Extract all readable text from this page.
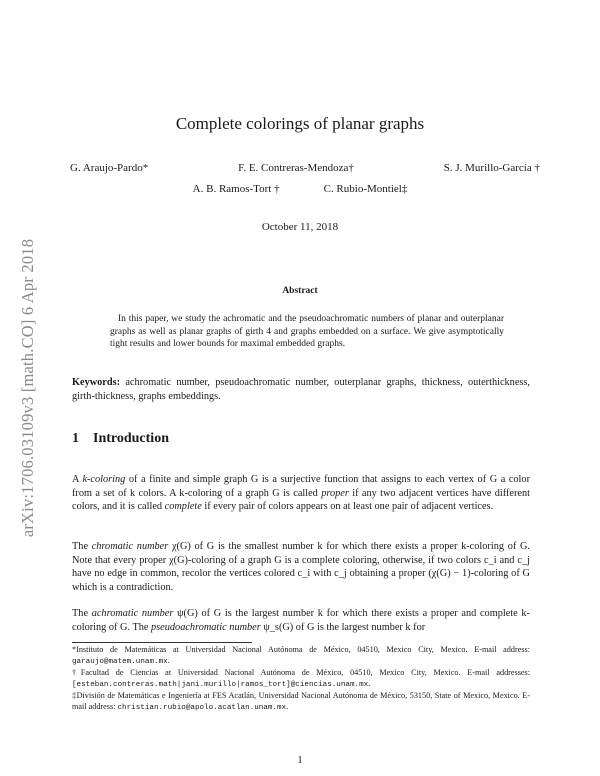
arXiv:1706.03109v3 [math.CO] 6 Apr 2018
Complete colorings of planar graphs
G. Araujo-Pardo*	F. E. Contreras-Mendoza†	S. J. Murillo-García †
A. B. Ramos-Tort †	C. Rubio-Montiel‡
October 11, 2018
Abstract

In this paper, we study the achromatic and the pseudoachromatic numbers of planar and outerplanar graphs as well as planar graphs of girth 4 and graphs embedded on a surface. We give asymptotically tight results and lower bounds for maximal embedded graphs.

Keywords: achromatic number, pseudoachromatic number, outerplanar graphs, thickness, outerthickness, girth-thickness, graphs embeddings.

1 Introduction

A k-coloring of a finite and simple graph G is a surjective function that assigns to each vertex of G a color from a set of k colors. A k-coloring of a graph G is called proper if any two adjacent vertices have different colors, and it is called complete if every pair of colors appears on at least one pair of adjacent vertices.

The chromatic number χ(G) of G is the smallest number k for which there exists a proper k-coloring of G. Note that every proper χ(G)-coloring of a graph G is a complete coloring, otherwise, if two colors c_i and c_j have no edge in common, recolor the vertices colored c_i with c_j obtaining a proper (χ(G) − 1)-coloring of G which is a contradiction.

The achromatic number ψ(G) of G is the largest number k for which there exists a proper and complete k-coloring of G. The pseudoachromatic number ψ_s(G) of G is the largest number k for

*Instituto de Matemáticas at Universidad Nacional Autónoma de México, 04510, Mexico City, Mexico. E-mail address: garaujo@matem.unam.mx.

†Facultad de Ciencias at Universidad Nacional Autónoma de México, 04510, Mexico City, Mexico. E-mail addresses: [esteban.contreras.math|jani.murillo|ramos_tort]@ciencias.unam.mx.

‡División de Matemáticas e Ingeniería at FES Acatlán, Universidad Nacional Autónoma de México, 53150, State of Mexico, Mexico. E-mail address: christian.rubio@apolo.acatlan.unam.mx.

1
